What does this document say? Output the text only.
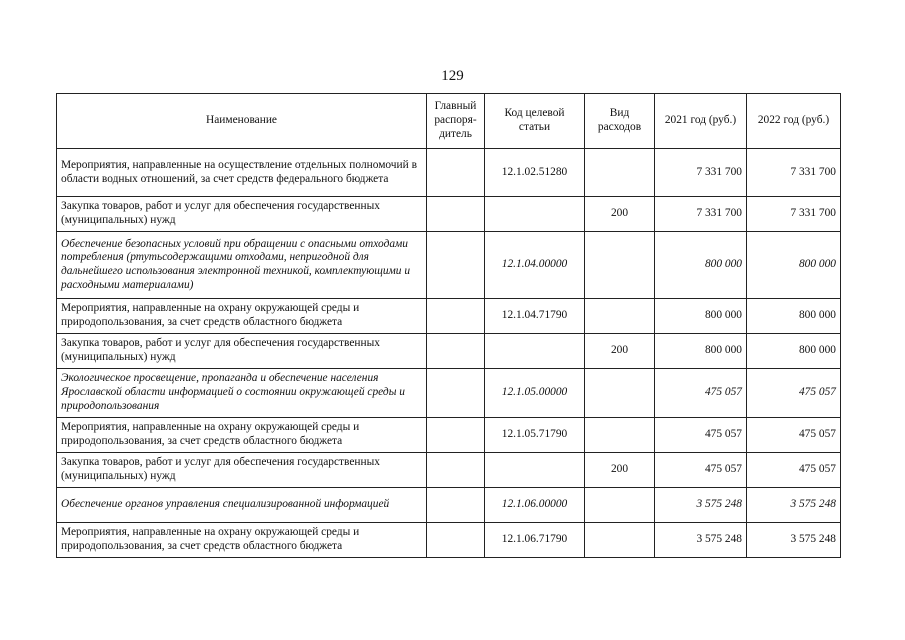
129
Наименование	Главный распоря-дитель	Код целевой статьи	Вид расходов	2021 год (руб.)	2022 год (руб.)
Мероприятия, направленные на осуществление отдельных полномочий в области водных отношений, за счет средств федерального бюджета		12.1.02.51280		7 331 700	7 331 700
Закупка товаров, работ и услуг для обеспечения государственных (муниципальных) нужд			200	7 331 700	7 331 700
Обеспечение безопасных условий при обращении с опасными отходами потребления (ртутьсодержащими отходами, непригодной для дальнейшего использования электронной техникой, комплектующими и расходными материалами)		12.1.04.00000		800 000	800 000
Мероприятия, направленные на охрану окружающей среды и природопользования, за счет средств областного бюджета		12.1.04.71790		800 000	800 000
Закупка товаров, работ и услуг для обеспечения государственных (муниципальных) нужд			200	800 000	800 000
Экологическое просвещение, пропаганда и обеспечение населения Ярославской области информацией о состоянии окружающей среды и природопользования		12.1.05.00000		475 057	475 057
Мероприятия, направленные на охрану окружающей среды и природопользования, за счет средств областного бюджета		12.1.05.71790		475 057	475 057
Закупка товаров, работ и услуг для обеспечения государственных (муниципальных) нужд			200	475 057	475 057
Обеспечение органов управления специализированной информацией		12.1.06.00000		3 575 248	3 575 248
Мероприятия, направленные на охрану окружающей среды и природопользования, за счет средств областного бюджета		12.1.06.71790		3 575 248	3 575 248
